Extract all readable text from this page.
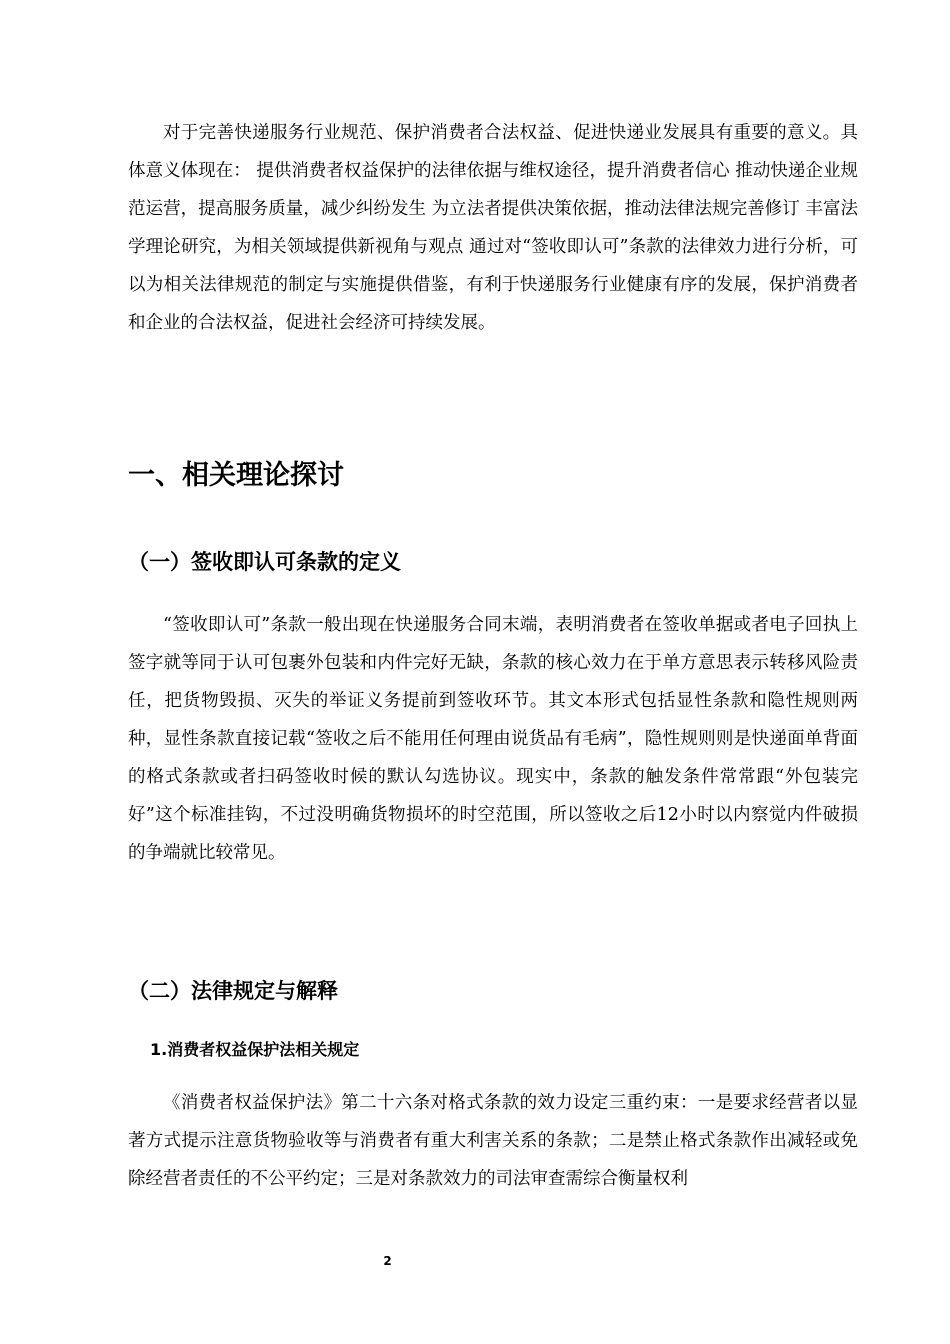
对于完善快递服务行业规范、保护消费者合法权益、促进快递业发展具有重要的意义。具体意义体现在： 提供消费者权益保护的法律依据与维权途径，提升消费者信心 推动快递企业规范运营，提高服务质量，减少纠纷发生 为立法者提供决策依据，推动法律法规完善修订 丰富法学理论研究，为相关领域提供新视角与观点 通过对“签收即认可”条款的法律效力进行分析，可以为相关法律规范的制定与实施提供借鉴，有利于快递服务行业健康有序的发展，保护消费者和企业的合法权益，促进社会经济可持续发展。

一、相关理论探讨
（一）签收即认可条款的定义

“签收即认可”条款一般出现在快递服务合同末端，表明消费者在签收单据或者电子回执上签字就等同于认可包裹外包装和内件完好无缺，条款的核心效力在于单方意思表示转移风险责任，把货物毁损、灭失的举证义务提前到签收环节。其文本形式包括显性条款和隐性规则两种，显性条款直接记载“签收之后不能用任何理由说货品有毛病”，隐性规则则是快递面单背面的格式条款或者扫码签收时候的默认勾选协议。现实中，条款的触发条件常常跟“外包装完好”这个标准挂钩，不过没明确货物损坏的时空范围，所以签收之后12小时以内察觉内件破损的争端就比较常见。

（二）法律规定与解释
1.消费者权益保护法相关规定

《消费者权益保护法》第二十六条对格式条款的效力设定三重约束：一是要求经营者以显著方式提示注意货物验收等与消费者有重大利害关系的条款；二是禁止格式条款作出减轻或免除经营者责任的不公平约定；三是对条款效力的司法审查需综合衡量权利

2
